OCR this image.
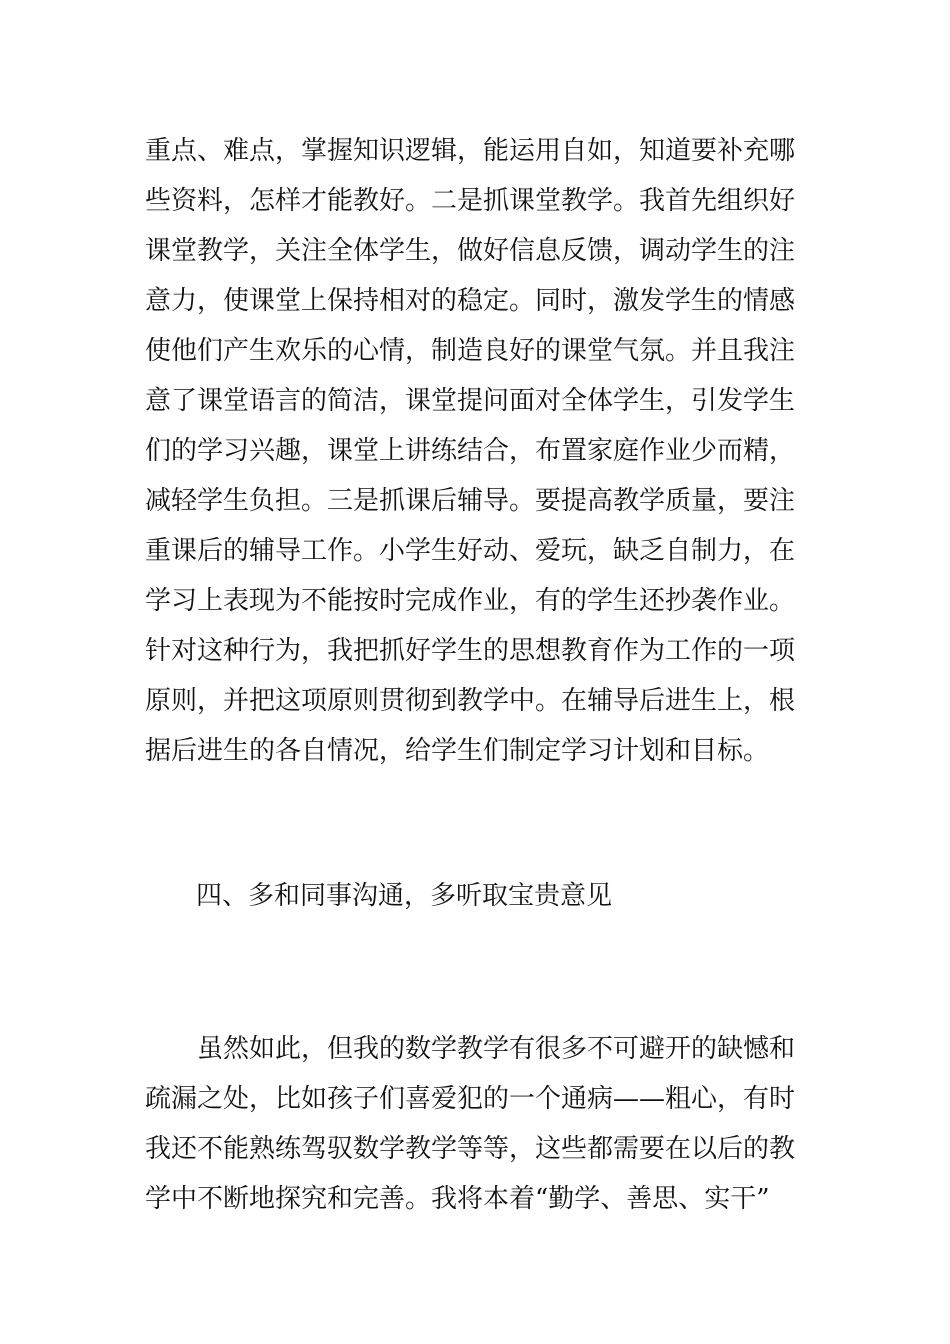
重点、难点，掌握知识逻辑，能运用自如，知道要补充哪

些资料，怎样才能教好。二是抓课堂教学。我首先组织好

课堂教学，关注全体学生，做好信息反馈，调动学生的注

意力，使课堂上保持相对的稳定。同时，激发学生的情感

使他们产生欢乐的心情，制造良好的课堂气氛。并且我注

意了课堂语言的简洁，课堂提问面对全体学生，引发学生

们的学习兴趣，课堂上讲练结合，布置家庭作业少而精，

减轻学生负担。三是抓课后辅导。要提高教学质量，要注

重课后的辅导工作。小学生好动、爱玩，缺乏自制力，在

学习上表现为不能按时完成作业，有的学生还抄袭作业。

针对这种行为，我把抓好学生的思想教育作为工作的一项

原则，并把这项原则贯彻到教学中。在辅导后进生上，根

据后进生的各自情况，给学生们制定学习计划和目标。

四、多和同事沟通，多听取宝贵意见

虽然如此，但我的数学教学有很多不可避开的缺憾和

疏漏之处，比如孩子们喜爱犯的一个通病——粗心，有时

我还不能熟练驾驭数学教学等等，这些都需要在以后的教

学中不断地探究和完善。我将本着“勤学、善思、实干”
